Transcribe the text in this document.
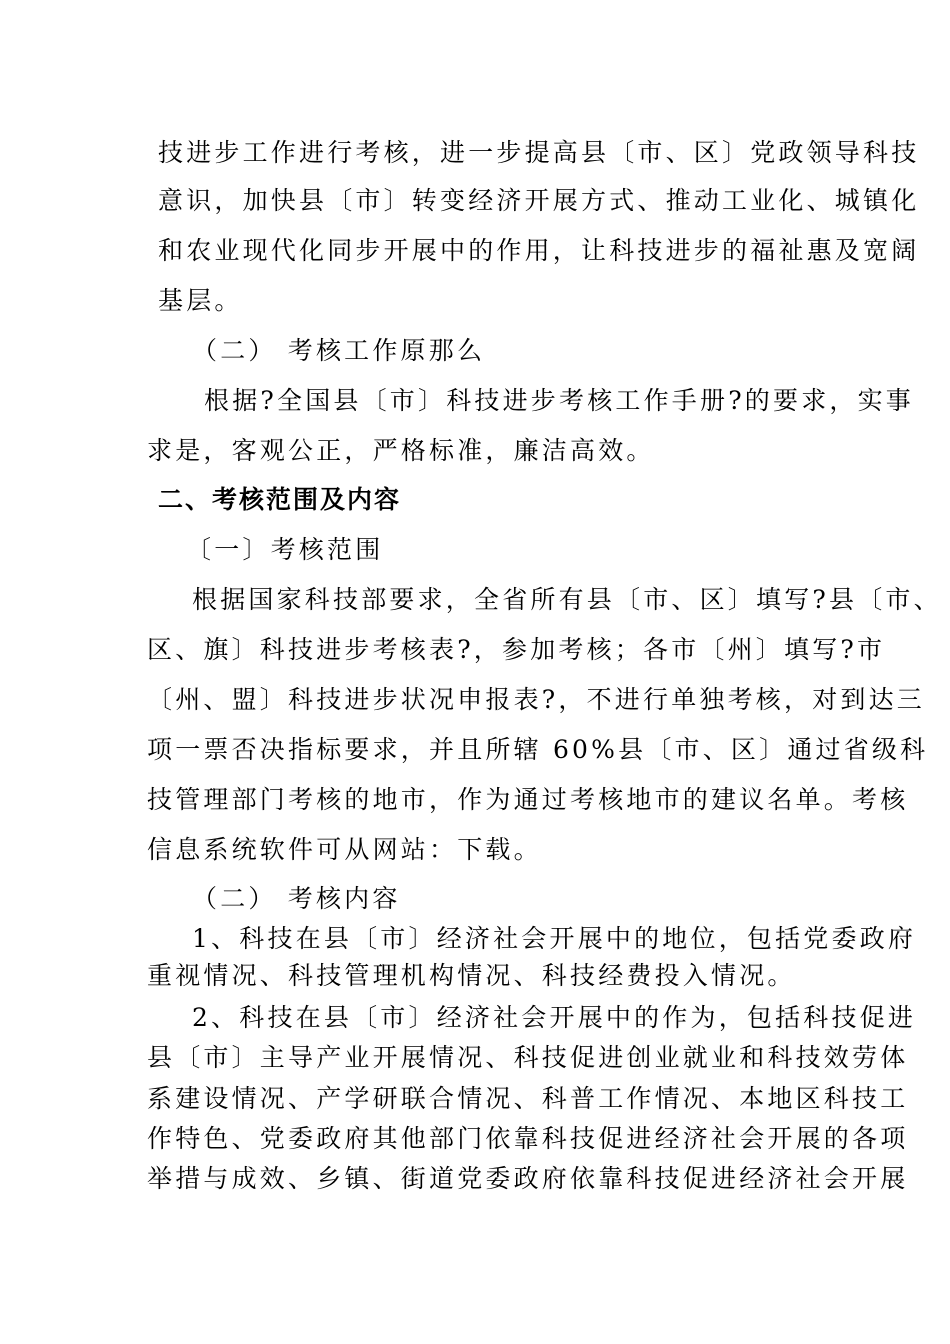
技进步工作进行考核，进一步提高县〔市、区〕党政领导科技
意识，加快县〔市〕转变经济开展方式、推动工业化、城镇化
和农业现代化同步开展中的作用，让科技进步的福祉惠及宽阔
基层。
（二） 考核工作原那么
根据?全国县〔市〕科技进步考核工作手册?的要求，实事
求是，客观公正，严格标准，廉洁高效。
二、考核范围及内容
〔一〕考核范围
根据国家科技部要求，全省所有县〔市、区〕填写?县〔市、
区、旗〕科技进步考核表?，参加考核；各市〔州〕填写?市
〔州、盟〕科技进步状况申报表?，不进行单独考核，对到达三
项一票否决指标要求，并且所辖 60%县〔市、区〕通过省级科
技管理部门考核的地市，作为通过考核地市的建议名单。考核
信息系统软件可从网站：下载。
（二） 考核内容
1、科技在县〔市〕经济社会开展中的地位，包括党委政府
重视情况、科技管理机构情况、科技经费投入情况。
2、科技在县〔市〕经济社会开展中的作为，包括科技促进
县〔市〕主导产业开展情况、科技促进创业就业和科技效劳体
系建设情况、产学研联合情况、科普工作情况、本地区科技工
作特色、党委政府其他部门依靠科技促进经济社会开展的各项
举措与成效、乡镇、街道党委政府依靠科技促进经济社会开展
